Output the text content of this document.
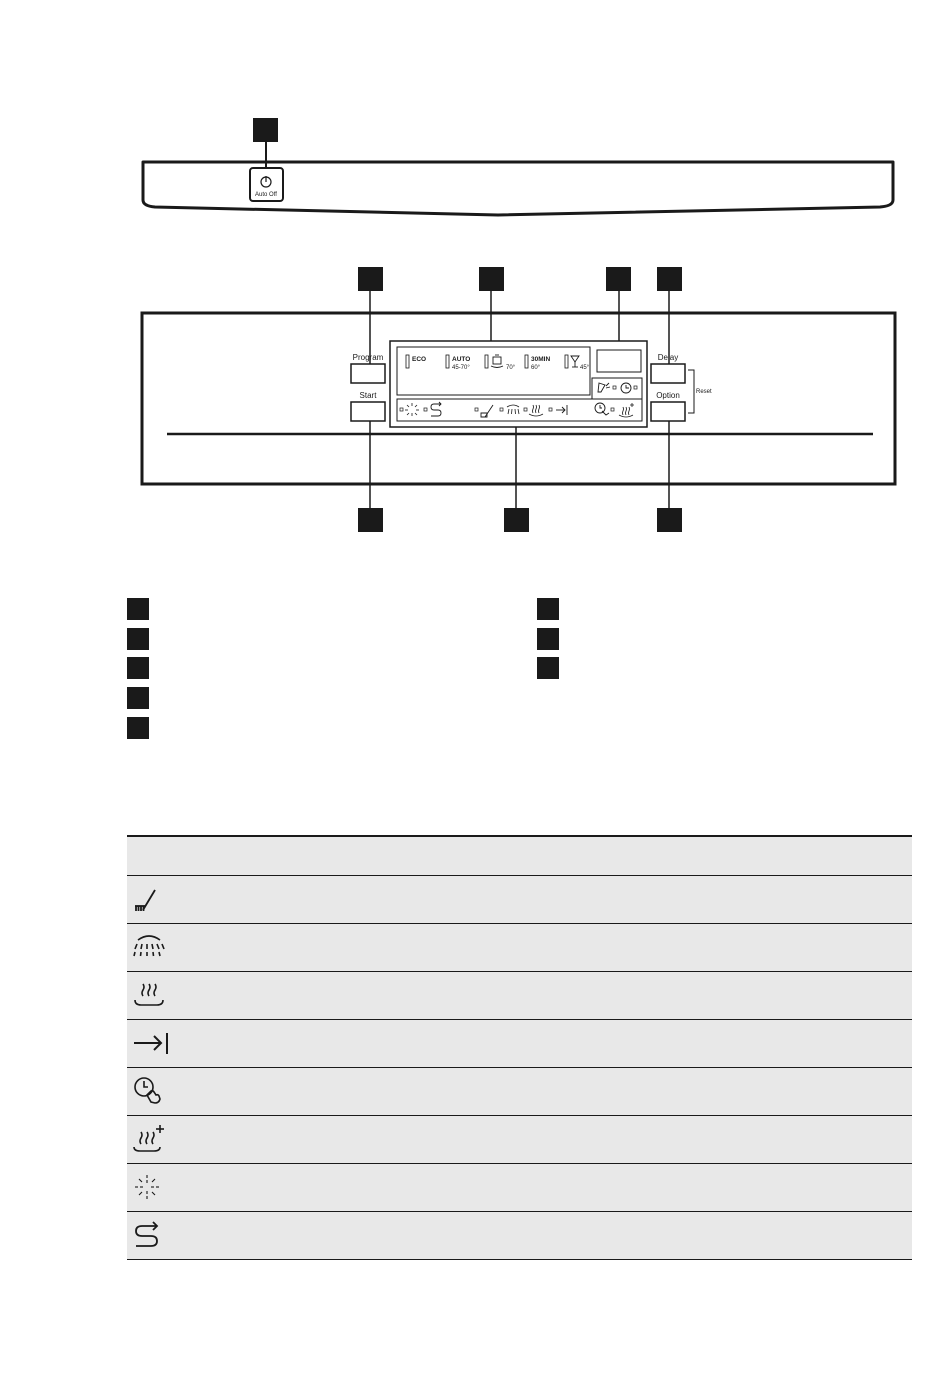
Auto Off
Program
Start
Delay
Option	Reset
ECO	AUTO
45-70°	70°
30MIN
60°	45°
